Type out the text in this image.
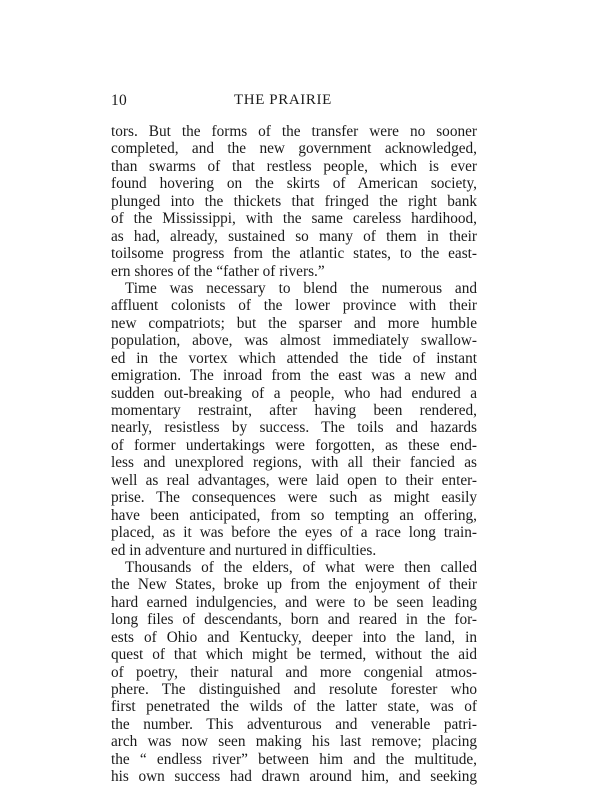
10	THE PRAIRIE
tors. But the forms of the transfer were no sooner
completed, and the new government acknowledged,
than swarms of that restless people, which is ever
found hovering on the skirts of American society,
plunged into the thickets that fringed the right bank
of the Mississippi, with the same careless hardihood,
as had, already, sustained so many of them in their
toilsome progress from the atlantic states, to the east-
ern shores of the “father of rivers.”
Time was necessary to blend the numerous and
affluent colonists of the lower province with their
new compatriots; but the sparser and more humble
population, above, was almost immediately swallow-
ed in the vortex which attended the tide of instant
emigration. The inroad from the east was a new and
sudden out-breaking of a people, who had endured a
momentary restraint, after having been rendered,
nearly, resistless by success. The toils and hazards
of former undertakings were forgotten, as these end-
less and unexplored regions, with all their fancied as
well as real advantages, were laid open to their enter-
prise. The consequences were such as might easily
have been anticipated, from so tempting an offering,
placed, as it was before the eyes of a race long train-
ed in adventure and nurtured in difficulties.
Thousands of the elders, of what were then called
the New States, broke up from the enjoyment of their
hard earned indulgencies, and were to be seen leading
long files of descendants, born and reared in the for-
ests of Ohio and Kentucky, deeper into the land, in
quest of that which might be termed, without the aid
of poetry, their natural and more congenial atmos-
phere. The distinguished and resolute forester who
first penetrated the wilds of the latter state, was of
the number. This adventurous and venerable patri-
arch was now seen making his last remove; placing
the “ endless river” between him and the multitude,
his own success had drawn around him, and seeking
